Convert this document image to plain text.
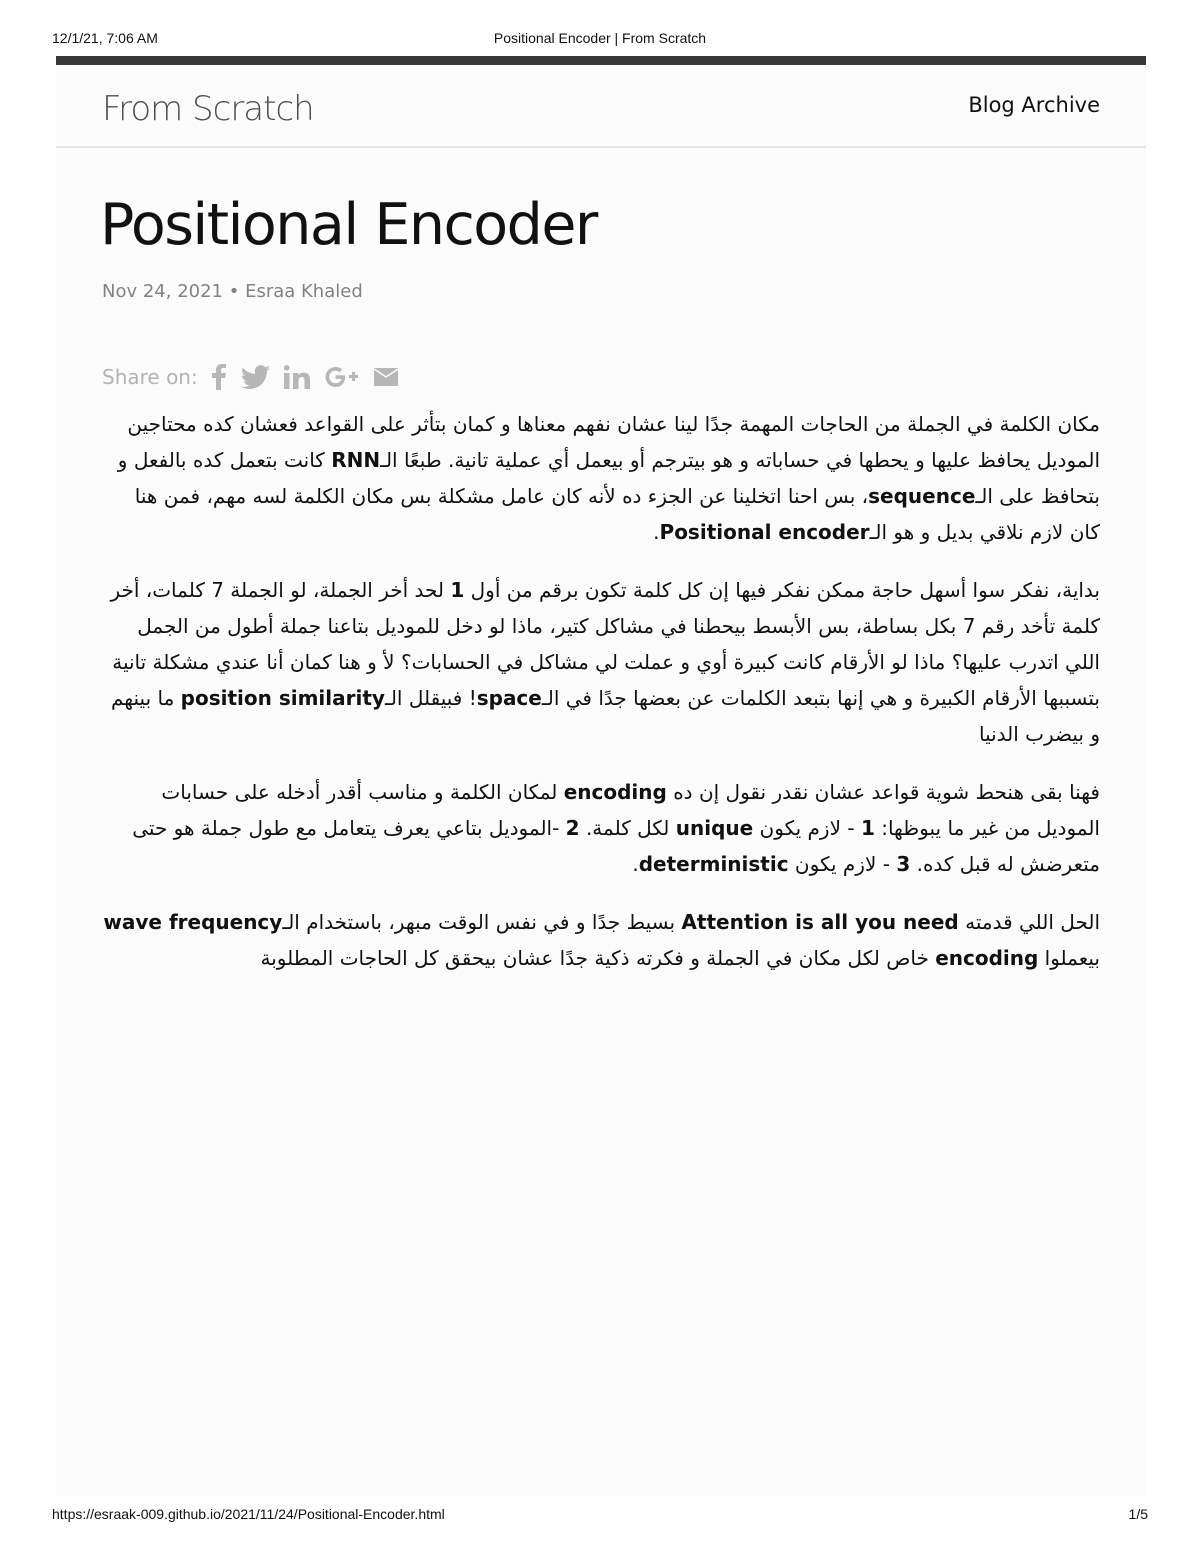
12/1/21, 7:06 AM	Positional Encoder | From Scratch
From Scratch	Blog Archive
Positional Encoder
Nov 24, 2021 • Esraa Khaled
Share on:

مكان الكلمة في الجملة من الحاجات المهمة جدًا لينا عشان نفهم معناها و كمان بتأثر على القواعد فعشان كده محتاجين الموديل يحافظ عليها و يحطها في حساباته و هو بيترجم أو بيعمل أي عملية تانية. طبعًا الـRNN كانت بتعمل كده بالفعل و بتحافظ على الـsequence، بس احنا اتخلينا عن الجزء ده لأنه كان عامل مشكلة بس مكان الكلمة لسه مهم، فمن هنا كان لازم نلاقي بديل و هو الـPositional encoder.

بداية، نفكر سوا أسهل حاجة ممكن نفكر فيها إن كل كلمة تكون برقم من أول 1 لحد أخر الجملة، لو الجملة 7 كلمات، أخر كلمة تأخد رقم 7 بكل بساطة، بس الأبسط بيحطنا في مشاكل كتير، ماذا لو دخل للموديل بتاعنا جملة أطول من الجمل اللي اتدرب عليها؟ ماذا لو الأرقام كانت كبيرة أوي و عملت لي مشاكل في الحسابات؟ لأ و هنا كمان أنا عندي مشكلة تانية بتسببها الأرقام الكبيرة و هي إنها بتبعد الكلمات عن بعضها جدًا في الـspace! فبيقلل الـposition similarity ما بينهم و بيضرب الدنيا

فهنا بقى هنحط شوية قواعد عشان نقدر نقول إن ده encoding لمكان الكلمة و مناسب أقدر أدخله على حسابات الموديل من غير ما يبوظها: 1 - لازم يكون unique لكل كلمة. 2 -الموديل بتاعي يعرف يتعامل مع طول جملة هو حتى متعرضش له قبل كده. 3 - لازم يكون deterministic.

الحل اللي قدمته Attention is all you need بسيط جدًا و في نفس الوقت مبهر، باستخدام الـwave frequency بيعملوا encoding خاص لكل مكان في الجملة و فكرته ذكية جدًا عشان بيحقق كل الحاجات المطلوبة

https://esraak-009.github.io/2021/11/24/Positional-Encoder.html	1/5
